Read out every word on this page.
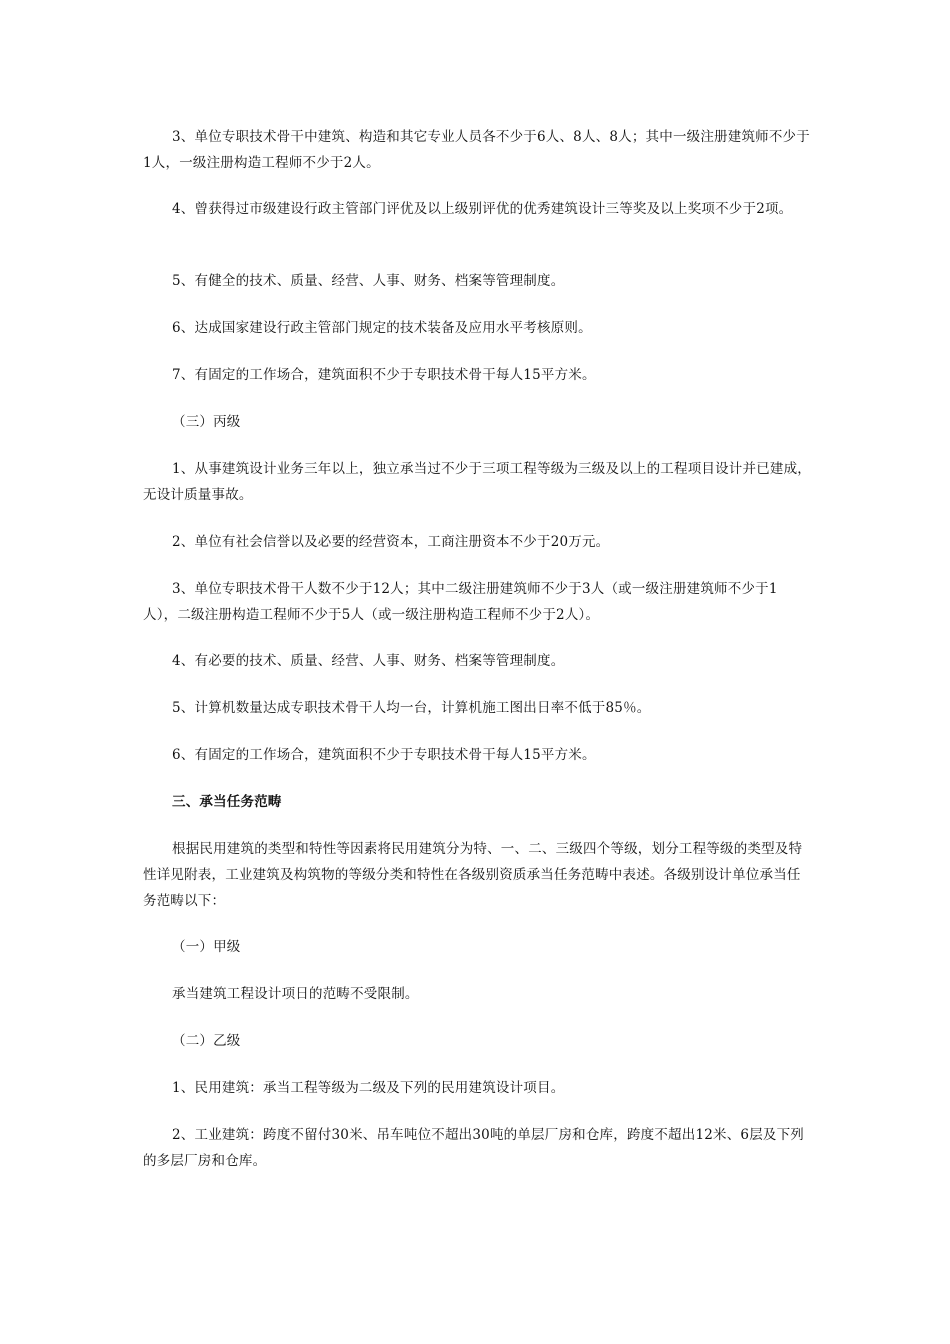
3、单位专职技术骨干中建筑、构造和其它专业人员各不少于6人、8人、8人；其中一级注册建筑师不少于1人，一级注册构造工程师不少于2人。

4、曾获得过市级建设行政主管部门评优及以上级别评优的优秀建筑设计三等奖及以上奖项不少于2项。

5、有健全的技术、质量、经营、人事、财务、档案等管理制度。

6、达成国家建设行政主管部门规定的技术装备及应用水平考核原则。

7、有固定的工作场合，建筑面积不少于专职技术骨干每人15平方米。

（三）丙级

1、从事建筑设计业务三年以上，独立承当过不少于三项工程等级为三级及以上的工程项目设计并已建成，无设计质量事故。

2、单位有社会信誉以及必要的经营资本，工商注册资本不少于20万元。

3、单位专职技术骨干人数不少于12人；其中二级注册建筑师不少于3人（或一级注册建筑师不少于1人），二级注册构造工程师不少于5人（或一级注册构造工程师不少于2人）。

4、有必要的技术、质量、经营、人事、财务、档案等管理制度。

5、计算机数量达成专职技术骨干人均一台，计算机施工图出日率不低于85％。

6、有固定的工作场合，建筑面积不少于专职技术骨干每人15平方米。

三、承当任务范畴

根据民用建筑的类型和特性等因素将民用建筑分为特、一、二、三级四个等级，划分工程等级的类型及特性详见附表，工业建筑及构筑物的等级分类和特性在各级别资质承当任务范畴中表述。各级别设计单位承当任务范畴以下：

（一）甲级

承当建筑工程设计项日的范畴不受限制。

（二）乙级

1、民用建筑：承当工程等级为二级及下列的民用建筑设计项目。

2、工业建筑：跨度不留付30米、吊车吨位不超出30吨的单层厂房和仓库，跨度不超出12米、6层及下列的多层厂房和仓库。
